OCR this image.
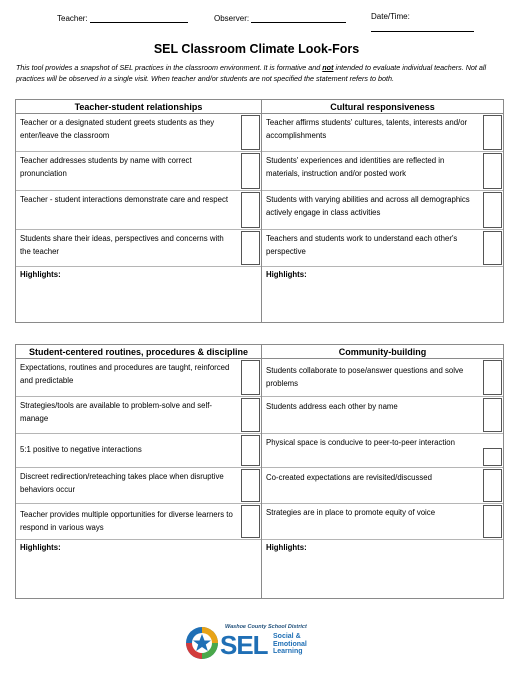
Teacher:	Observer:	Date/Time:
SEL Classroom Climate Look-Fors
This tool provides a snapshot of SEL practices in the classroom environment. It is formative and not intended to evaluate individual teachers. Not all practices will be observed in a single visit. When teacher and/or students are not specified the statement refers to both.
Teacher-student relationships
Teacher or a designated student greets students as they enter/leave the classroom
Teacher addresses students by name with correct pronunciation
Teacher - student interactions demonstrate care and respect
Students share their ideas, perspectives and concerns with the teacher
Highlights:
Cultural responsiveness
Teacher affirms students' cultures, talents, interests and/or accomplishments
Students' experiences and identities are reflected in materials, instruction and/or posted work
Students with varying abilities and across all demographics actively engage in class activities
Teachers and students work to understand each other's perspective
Highlights:
Student-centered routines, procedures & discipline
Expectations, routines and procedures are taught, reinforced and predictable
Strategies/tools are available to problem-solve and self-manage
5:1 positive to negative interactions
Discreet redirection/reteaching takes place when disruptive behaviors occur
Teacher provides multiple opportunities for diverse learners to respond in various ways
Highlights:
Community-building
Students collaborate to pose/answer questions and solve problems
Students address each other by name
Physical space is conducive to peer-to-peer interaction
Co-created expectations are revisited/discussed
Strategies are in place to promote equity of voice
Highlights:
Washoe County School District
SEL Social &
Emotional
Learning
